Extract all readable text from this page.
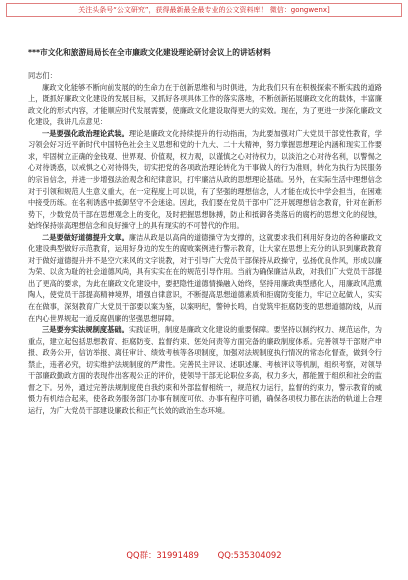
关注头条号“公文研究”，获得最新最全最专业的公文资料库！ 微信：gongwenx]
***市文化和旅游局局长在全市廉政文化建设理论研讨会议上的讲话材料
同志们：

廉政文化能够不断向前发展的的生命力在于创新思维和与时俱进，为此我们只有在积极探索不断实践的道路上，既抓好廉政文化建设的发展目标，又抓好各项具体工作的落实落地，不断创新拓展廉政文化的载体，丰富廉政文化的形式内容，才能顺应时代发展需要，使廉政文化建设取得更大的实效。现在，为了更进一步深化廉政文化建设，我讲几点意见：

一是要强化政治理论武装。理论是廉政文化持续提升的行动指南，为此要加强对广大党员干部党性教育，学习领会好习近平新时代中国特色社会主义思想和党的十九大、二十大精神，努力掌握思想理论内涵和现实工作要求，牢固树立正确的金钱观、世界观、价值观，权力观，以谨慎之心对待权力，以淡泊之心对待名利，以警惕之心对待诱惑，以戒惧之心对待得失，切实把党的各项政治理论转化为干事做人的行为准则，转化为执行为民服务的宗旨信念，并进一步增强法治观念和纪律意识，打牢廉洁从政的思想理论基础。另外，在实际生活中理想信念对于引领和规范人生意义重大，在一定程度上可以说，有了坚强的理想信念，人才能在成长中学会担当，在困难中接受历练。在名利诱惑中抵御坚守不会迷途。因此，我们要在党员干部中广泛开展理想信念教育，针对在新形势下，少数党员干部在思想观念上的变化，及时把握思想脉搏，防止和抵御各类落后的腐朽的思想文化的侵蚀，始终保持崇高理想信念和良好操守上的具有现实的不可替代的作用。

二是要做好道德提升文章。廉洁从政是以高尚的道德操守为支撑的，这就要求我们利用好身边的各种廉政文化建设典型做好示范教育，运用好身边的发生的腐败案例进行警示教育，让大家在思想上充分的认识到廉政教育对于做好道德提升并不是空穴来风的文字说教，对于引导广大党员干部保持从政操守，弘扬优良作风，形成以廉为荣、以贪为耻的社会道德风尚，具有实实在在的规范引导作用。当前为确保廉洁从政，对我们广大党员干部提出了更高的要求，为此在廉政文化建设中，要把隐性道德情操融入始终，坚持用廉政典型感化人，用廉政风范熏陶人，使党员干部提高精神境界，增强自律意识，不断提高思想道德素质和拒腐防变能力，牢记立起做人，实实在在做事，深刻教育广大党员干部要以案为鉴，以案明纪，警钟长鸣，自觉筑牢拒腐防变的思想道德防线，从而在内心世界规起一道反腐倡廉的坚强思想屏障。

三是要夯实法规制度基础。实践证明，制度是廉政文化建设的重要保障。要坚持以制约权力、规范运作，为重点，建立起包括思想教育、拒腐防变、监督约束、惩处问责等方面完备的廉政制度体系。完善领导干部财产申报、政务公开，信访举报、离任审计、绩效考核等各项制度，加强对法规制度执行情况的常态化督查，做到令行禁止，违者必究，切实维护法规制度的严肃性。完善民主评议、述职述廉、考核评议等机制，组织考察，对领导干部廉政勤政方面的表现作出客观公正的评价，使领导干部无论职位多高，权力多大，都能置于组织和社会的监督之下。另外，通过完善法规制度使自我约束和外部监督相统一，规范权力运行，监督的约束力，警示教育的威慑力有机结合起来，使各政务服务部门办事有制度可依、办事有程序可循，确保各项权力都在法治的轨道上合理运行，为广大党员干部建设廉政长和正气长效的政治生态环境。

QQ群：31991489 QQ:535304092
